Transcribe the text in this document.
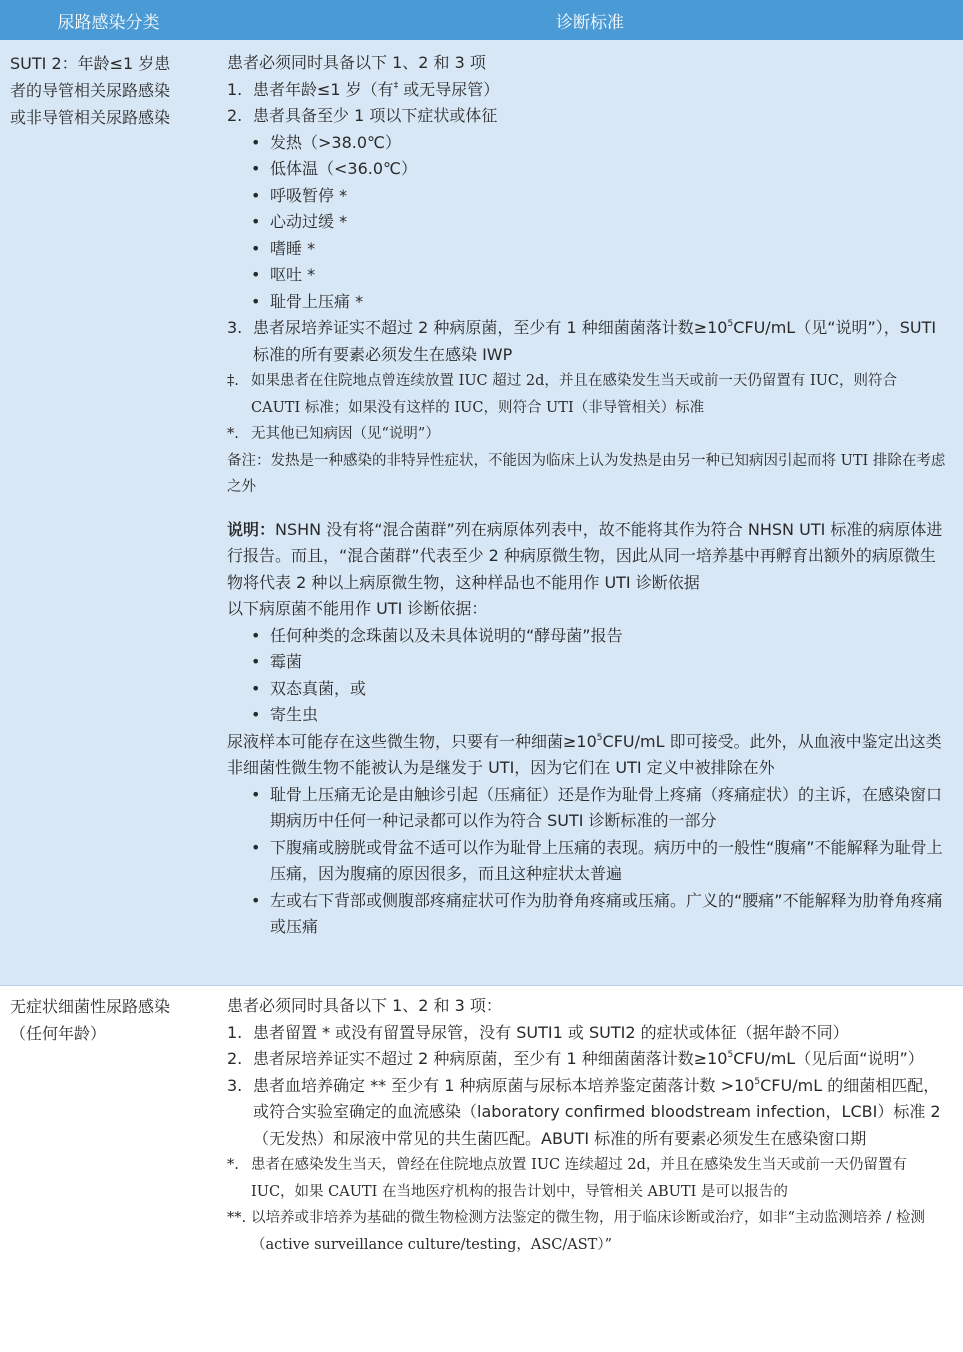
尿路感染分类	诊断标准
SUTI 2：年龄≤1 岁患
者的导管相关尿路感染
或非导管相关尿路感染
患者必须同时具备以下 1、2 和 3 项
1. 患者年龄≤1 岁（有‡ 或无导尿管）
2. 患者具备至少 1 项以下症状或体征
• 发热（>38.0℃）
• 低体温（<36.0℃）
• 呼吸暂停 *
• 心动过缓 *
• 嗜睡 *
• 呕吐 *
• 耻骨上压痛 *
3. 患者尿培养证实不超过 2 种病原菌，至少有 1 种细菌菌落计数$\ge 10^5CFU/mL$（见“说明”），SUTI 标准的所有要素必须发生在感染 IWP
‡. 如果患者在住院地点曾连续放置 IUC 超过 2d，并且在感染发生当天或前一天仍留置有 IUC，则符合 CAUTI 标准；如果没有这样的 IUC，则符合 UTI（非导管相关）标准
*. 无其他已知病因（见“说明”）
备注：发热是一种感染的非特异性症状，不能因为临床上认为发热是由另一种已知病因引起而将 UTI 排除在考虑之外
说明：NSHN 没有将“混合菌群”列在病原体列表中，故不能将其作为符合 NHSN UTI 标准的病原体进行报告。而且，“混合菌群”代表至少 2 种病原微生物，因此从同一培养基中再孵育出额外的病原微生物将代表 2 种以上病原微生物，这种样品也不能用作 UTI 诊断依据
以下病原菌不能用作 UTI 诊断依据：
• 任何种类的念珠菌以及未具体说明的“酵母菌”报告
• 霉菌
• 双态真菌，或
• 寄生虫
尿液样本可能存在这些微生物，只要有一种细菌$\ge 10^5CFU/mL$ 即可接受。此外，从血液中鉴定出这类非细菌性微生物不能被认为是继发于 UTI，因为它们在 UTI 定义中被排除在外
• 耻骨上压痛无论是由触诊引起（压痛征）还是作为耻骨上疼痛（疼痛症状）的主诉，在感染窗口期病历中任何一种记录都可以作为符合 SUTI 诊断标准的一部分
• 下腹痛或膀胱或骨盆不适可以作为耻骨上压痛的表现。病历中的一般性“腹痛”不能解释为耻骨上压痛，因为腹痛的原因很多，而且这种症状太普遍
• 左或右下背部或侧腹部疼痛症状可作为肋脊角疼痛或压痛。广义的“腰痛”不能解释为肋脊角疼痛或压痛
无症状细菌性尿路感染
（任何年龄）
患者必须同时具备以下 1、2 和 3 项：
1. 患者留置 * 或没有留置导尿管，没有 SUTI1 或 SUTI2 的症状或体征（据年龄不同）
2. 患者尿培养证实不超过 2 种病原菌，至少有 1 种细菌菌落计数$\ge 10^5CFU/mL$（见后面“说明”）
3. 患者血培养确定 ** 至少有 1 种病原菌与尿标本培养鉴定菌落计数 $>10^5CFU/mL$ 的细菌相匹配，或符合实验室确定的血流感染（laboratory confirmed bloodstream infection，LCBI）标准 2（无发热）和尿液中常见的共生菌匹配。ABUTI 标准的所有要素必须发生在感染窗口期
*. 患者在感染发生当天，曾经在住院地点放置 IUC 连续超过 2d，并且在感染发生当天或前一天仍留置有 IUC，如果 CAUTI 在当地医疗机构的报告计划中，导管相关 ABUTI 是可以报告的
**. 以培养或非培养为基础的微生物检测方法鉴定的微生物，用于临床诊断或治疗，如非“主动监测培养 / 检测（active surveillance culture/testing，ASC/AST）”
